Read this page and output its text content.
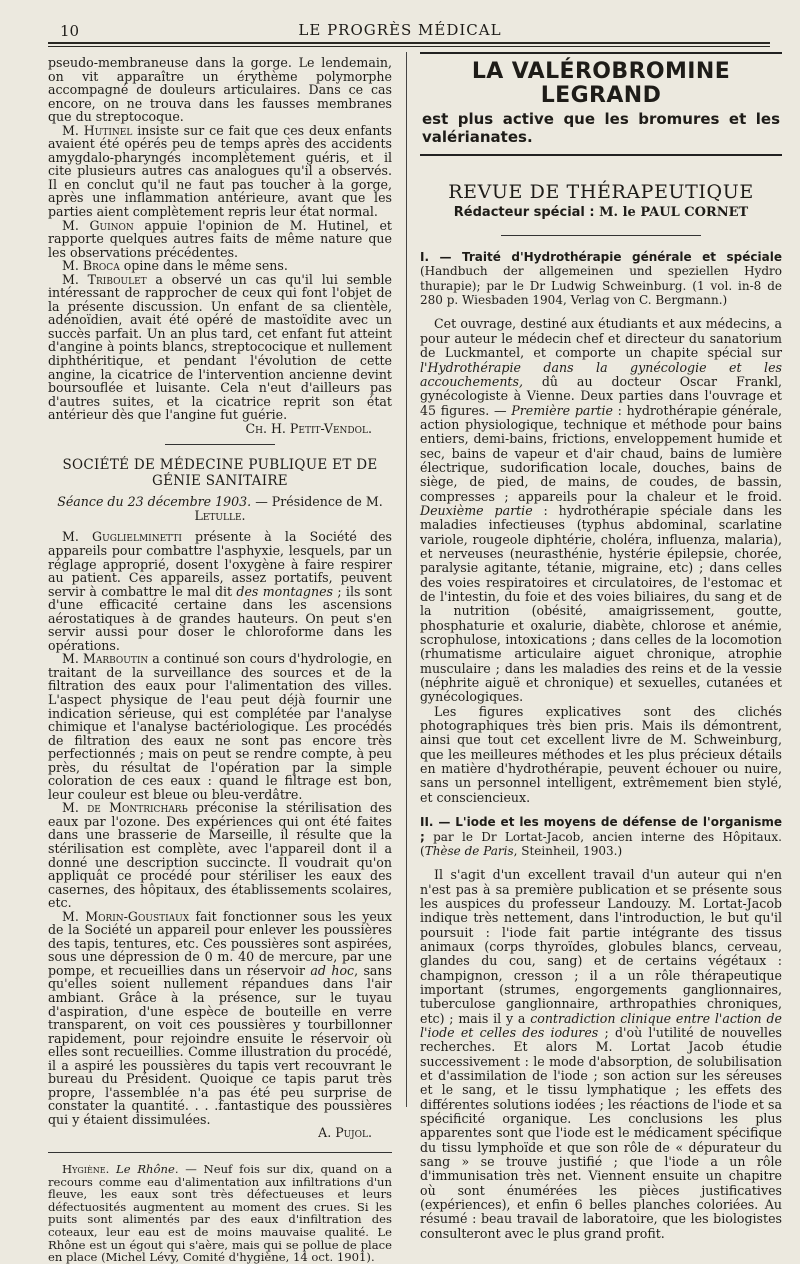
10	LE PROGRÈS MÉDICAL

pseudo-membraneuse dans la gorge. Le lendemain, on vit apparaître un érythème polymorphe accompagné de douleurs articulaires. Dans ce cas encore, on ne trouva dans les fausses membranes que du streptocoque.

M. Hutinel insiste sur ce fait que ces deux enfants avaient été opérés peu de temps après des accidents amygdalo-pharyngés incomplètement guéris, et il cite plusieurs autres cas analogues qu'il a observés. Il en conclut qu'il ne faut pas toucher à la gorge, après une inflammation antérieure, avant que les parties aient complètement repris leur état normal.

M. Guinon appuie l'opinion de M. Hutinel, et rapporte quelques autres faits de même nature que les observations précédentes.

M. Broca opine dans le même sens.

M. Triboulet a observé un cas qu'il lui semble intéressant de rapprocher de ceux qui font l'objet de la présente discussion. Un enfant de sa clientèle, adénoïdien, avait été opéré de mastoïdite avec un succès parfait. Un an plus tard, cet enfant fut atteint d'angine à points blancs, streptococique et nullement diphthéritique, et pendant l'évolution de cette angine, la cicatrice de l'intervention ancienne devint boursouflée et luisante. Cela n'eut d'ailleurs pas d'autres suites, et la cicatrice reprit son état antérieur dès que l'angine fut guérie.

Ch. H. Petit-Vendol.

SOCIÉTÉ DE MÉDECINE PUBLIQUE ET DE GÉNIE SANITAIRE

Séance du 23 décembre 1903. — Présidence de M. Letulle.

M. Guglielminetti présente à la Société des appareils pour combattre l'asphyxie, lesquels, par un réglage approprié, dosent l'oxygène à faire respirer au patient. Ces appareils, assez portatifs, peuvent servir à combattre le mal dit des montagnes ; ils sont d'une efficacité certaine dans les ascensions aérostatiques à de grandes hauteurs. On peut s'en servir aussi pour doser le chloroforme dans les opérations.

M. Marboutin a continué son cours d'hydrologie, en traitant de la surveillance des sources et de la filtration des eaux pour l'alimentation des villes. L'aspect physique de l'eau peut déjà fournir une indication sérieuse, qui est complétée par l'analyse chimique et l'analyse bactériologique. Les procédés de filtration des eaux ne sont pas encore très perfectionnés ; mais on peut se rendre compte, à peu près, du résultat de l'opération par la simple coloration de ces eaux : quand le filtrage est bon, leur couleur est bleue ou bleu-verdâtre.

M. de Montricharь préconise la stérilisation des eaux par l'ozone. Des expériences qui ont été faites dans une brasserie de Marseille, il résulte que la stérilisation est complète, avec l'appareil dont il a donné une description succincte. Il voudrait qu'on appliquât ce procédé pour stériliser les eaux des casernes, des hôpitaux, des établissements scolaires, etc.

M. Morin-Goustiaux fait fonctionner sous les yeux de la Société un appareil pour enlever les poussières des tapis, tentures, etc. Ces poussières sont aspirées, sous une dépression de 0 m. 40 de mercure, par une pompe, et recueillies dans un réservoir ad hoc, sans qu'elles soient nullement répandues dans l'air ambiant. Grâce à la présence, sur le tuyau d'aspiration, d'une espèce de bouteille en verre transparent, on voit ces poussières y tourbillonner rapidement, pour rejoindre ensuite le réservoir où elles sont recueillies. Comme illustration du procédé, il a aspiré les poussières du tapis vert recouvrant le bureau du Président. Quoique ce tapis parut très propre, l'assemblée n'a pas été peu surprise de constater la quantité. . . .fantastique des poussières qui y étaient dissimulées.

A. Pujol.

Hygiène. Le Rhône. — Neuf fois sur dix, quand on a recours comme eau d'alimentation aux infiltrations d'un fleuve, les eaux sont très défectueuses et leurs défectuosités augmentent au moment des crues. Si les puits sont alimentés par des eaux d'infiltration des coteaux, leur eau est de moins mauvaise qualité. Le Rhône est un égout qui s'aère, mais qui se pollue de place en place (Michel Lévy, Comité d'hygiène, 14 oct. 1901).

LA VALÉROBROMINE LEGRAND
est plus active que les bromures et les valérianates.
REVUE DE THÉRAPEUTIQUE
Rédacteur spécial : M. le PAUL CORNET

I. — Traité d'Hydrothérapie générale et spéciale (Handbuch der allgemeinen und speziellen Hydro thurapie); par le Dr Ludwig Schweinburg. (1 vol. in-8 de 280 p. Wiesbaden 1904, Verlag von C. Bergmann.)

Cet ouvrage, destiné aux étudiants et aux médecins, a pour auteur le médecin chef et directeur du sanatorium de Luckmantel, et comporte un chapite spécial sur l'Hydrothérapie dans la gynécologie et les accouchements, dû au docteur Oscar Frankl, gynécologiste à Vienne. Deux parties dans l'ouvrage et 45 figures. — Première partie : hydrothérapie générale, action physiologique, technique et méthode pour bains entiers, demi-bains, frictions, enveloppement humide et sec, bains de vapeur et d'air chaud, bains de lumière électrique, sudorification locale, douches, bains de siège, de pied, de mains, de coudes, de bassin, compresses ; appareils pour la chaleur et le froid. Deuxième partie : hydrothérapie spéciale dans les maladies infectieuses (typhus abdominal, scarlatine variole, rougeole diphtérie, choléra, influenza, malaria), et nerveuses (neurasthénie, hystérie épilepsie, chorée, paralysie agitante, tétanie, migraine, etc) ; dans celles des voies respiratoires et circulatoires, de l'estomac et de l'intestin, du foie et des voies biliaires, du sang et de la nutrition (obésité, amaigrissement, goutte, phosphaturie et oxalurie, diabète, chlorose et anémie, scrophulose, intoxications ; dans celles de la locomotion (rhumatisme articulaire aiguet chronique, atrophie musculaire ; dans les maladies des reins et de la vessie (néphrite aiguë et chronique) et sexuelles, cutanées et gynécologiques.

Les figures explicatives sont des clichés photographiques très bien pris. Mais ils démontrent, ainsi que tout cet excellent livre de M. Schweinburg, que les meilleures méthodes et les plus précieux détails en matière d'hydrothérapie, peuvent échouer ou nuire, sans un personnel intelligent, extrêmement bien stylé, et consciencieux.

II. — L'iode et les moyens de défense de l'organisme ; par le Dr Lortat-Jacob, ancien interne des Hôpitaux. (Thèse de Paris, Steinheil, 1903.)

Il s'agit d'un excellent travail d'un auteur qui n'en n'est pas à sa première publication et se présente sous les auspices du professeur Landouzy. M. Lortat-Jacob indique très nettement, dans l'introduction, le but qu'il poursuit : l'iode fait partie intégrante des tissus animaux (corps thyroïdes, globules blancs, cerveau, glandes du cou, sang) et de certains végétaux : champignon, cresson ; il a un rôle thérapeutique important (strumes, engorgements ganglionnaires, tuberculose ganglionnaire, arthropathies chroniques, etc) ; mais il y a contradiction clinique entre l'action de l'iode et celles des iodures ; d'où l'utilité de nouvelles recherches. Et alors M. Lortat Jacob étudie successivement : le mode d'absorption, de solubilisation et d'assimilation de l'iode ; son action sur les séreuses et le sang, et le tissu lymphatique ; les effets des différentes solutions iodées ; les réactions de l'iode et sa spécificité organique. Les conclusions les plus apparentes sont que l'iode est le médicament spécifique du tissu lymphoïde et que son rôle de « dépurateur du sang » se trouve justifié ; que l'iode a un rôle d'immunisation très net. Viennent ensuite un chapitre où sont énumérées les pièces justificatives (expériences), et enfin 6 belles planches coloriées. Au résumé : beau travail de laboratoire, que les biologistes consulteront avec le plus grand profit.
